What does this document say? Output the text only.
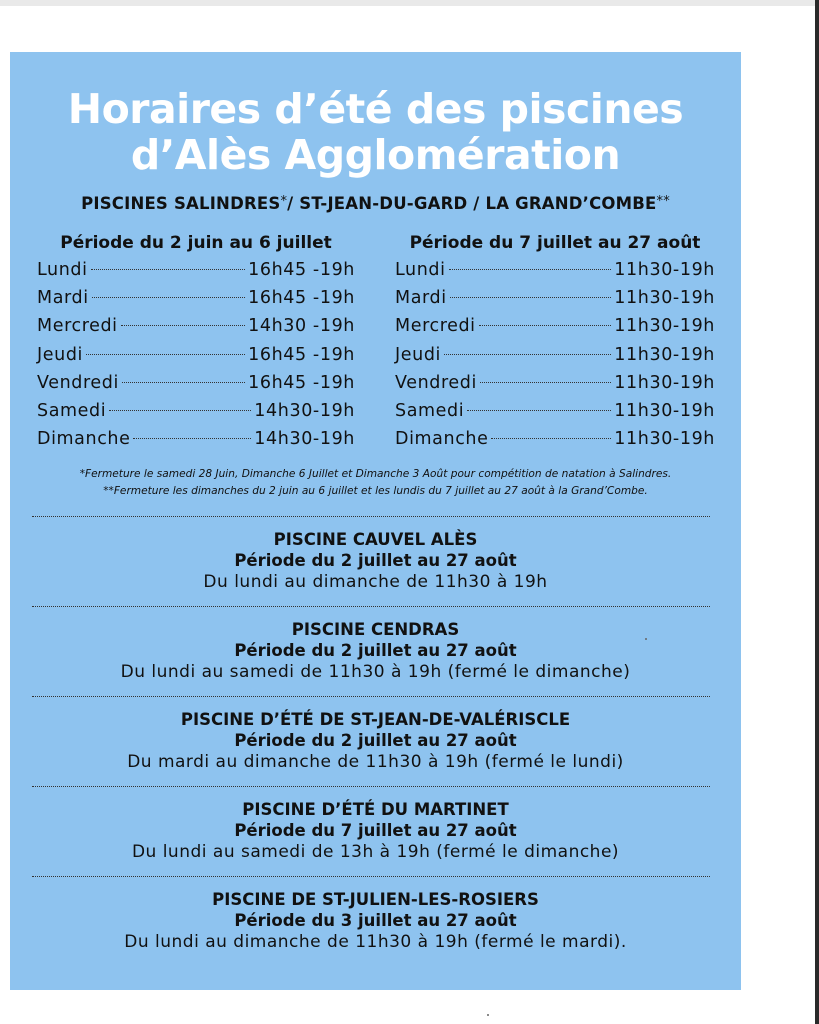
Horaires d’été des piscines
d’Alès Agglomération
PISCINES SALINDRES*/ ST-JEAN-DU-GARD / LA GRAND’COMBE**
Période du 2 juin au 6 juillet
Lundi	16h45 -19h
Mardi	16h45 -19h
Mercredi	14h30 -19h
Jeudi	16h45 -19h
Vendredi	16h45 -19h
Samedi	14h30-19h
Dimanche	14h30-19h
Période du 7 juillet au 27 août
Lundi	11h30-19h
Mardi	11h30-19h
Mercredi	11h30-19h
Jeudi	11h30-19h
Vendredi	11h30-19h
Samedi	11h30-19h
Dimanche	11h30-19h
*Fermeture le samedi 28 Juin, Dimanche 6 Juillet et Dimanche 3 Août pour compétition de natation à Salindres.
**Fermeture les dimanches du 2 juin au 6 juillet et les lundis du 7 juillet au 27 août à la Grand’Combe.
PISCINE CAUVEL ALÈS
Période du 2 juillet au 27 août
Du lundi au dimanche de 11h30 à 19h
PISCINE CENDRAS
Période du 2 juillet au 27 août
Du lundi au samedi de 11h30 à 19h (fermé le dimanche)
PISCINE D’ÉTÉ DE ST-JEAN-DE-VALÉRISCLE
Période du 2 juillet au 27 août
Du mardi au dimanche de 11h30 à 19h (fermé le lundi)
PISCINE D’ÉTÉ DU MARTINET
Période du 7 juillet au 27 août
Du lundi au samedi de 13h à 19h (fermé le dimanche)
PISCINE DE ST-JULIEN-LES-ROSIERS
Période du 3 juillet au 27 août
Du lundi au dimanche de 11h30 à 19h (fermé le mardi).
